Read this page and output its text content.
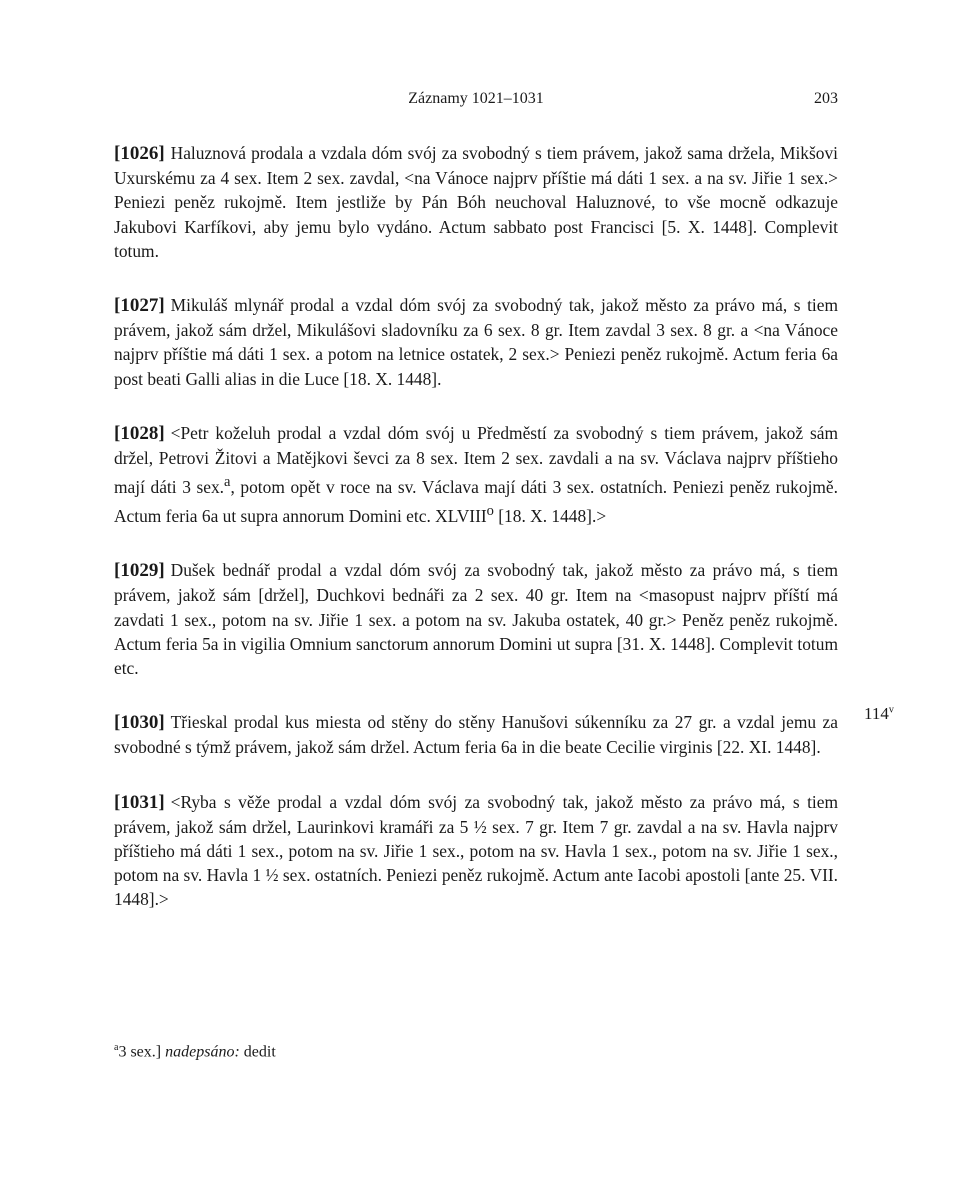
Záznamy 1021–1031	203

[1026] Haluznová prodala a vzdala dóm svój za svobodný s tiem právem, jakož sama držela, Mikšovi Uxurskému za 4 sex. Item 2 sex. zavdal, <na Vánoce najprv příštie má dáti 1 sex. a na sv. Jiřie 1 sex.> Peniezi peněz rukojmě. Item jestliže by Pán Bóh neuchoval Haluznové, to vše mocně odkazuje Jakubovi Karfíkovi, aby jemu bylo vydáno. Actum sabbato post Francisci [5. X. 1448]. Complevit totum.

[1027] Mikuláš mlynář prodal a vzdal dóm svój za svobodný tak, jakož město za právo má, s tiem právem, jakož sám držel, Mikulášovi sladovníku za 6 sex. 8 gr. Item zavdal 3 sex. 8 gr. a <na Vánoce najprv příštie má dáti 1 sex. a potom na letnice ostatek, 2 sex.> Peniezi peněz rukojmě. Actum feria 6a post beati Galli alias in die Luce [18. X. 1448].

[1028] <Petr koželuh prodal a vzdal dóm svój u Předměstí za svobodný s tiem právem, jakož sám držel, Petrovi Žitovi a Matějkovi ševci za 8 sex. Item 2 sex. zavdali a na sv. Václava najprv příštieho mají dáti 3 sex.$^a$, potom opět v roce na sv. Václava mají dáti 3 sex. ostatních. Peniezi peněz rukojmě. Actum feria 6a ut supra annorum Domini etc. XLVIII$^o$ [18. X. 1448].>

[1029] Dušek bednář prodal a vzdal dóm svój za svobodný tak, jakož město za právo má, s tiem právem, jakož sám [držel], Duchkovi bednáři za 2 sex. 40 gr. Item na <masopust najprv příští má zavdati 1 sex., potom na sv. Jiřie 1 sex. a potom na sv. Jakuba ostatek, 40 gr.> Peněz peněz rukojmě. Actum feria 5a in vigilia Omnium sanctorum annorum Domini ut supra [31. X. 1448]. Complevit totum etc.

[1030] Třieskal prodal kus miesta od stěny do stěny Hanušovi súkenníku za 27 gr. a vzdal jemu za svobodné s týmž právem, jakož sám držel. Actum feria 6a in die beate Cecilie virginis [22. XI. 1448].

[1031] <Ryba s věže prodal a vzdal dóm svój za svobodný tak, jakož město za právo má, s tiem právem, jakož sám držel, Laurinkovi kramáři za 5 ½ sex. 7 gr. Item 7 gr. zavdal a na sv. Havla najprv příštieho má dáti 1 sex., potom na sv. Jiřie 1 sex., potom na sv. Havla 1 sex., potom na sv. Jiřie 1 sex., potom na sv. Havla 1 ½ sex. ostatních. Peniezi peněz rukojmě. Actum ante Iacobi apostoli [ante 25. VII. 1448].>

114$^v$
$^a$3 sex.] nadepsáno: dedit
